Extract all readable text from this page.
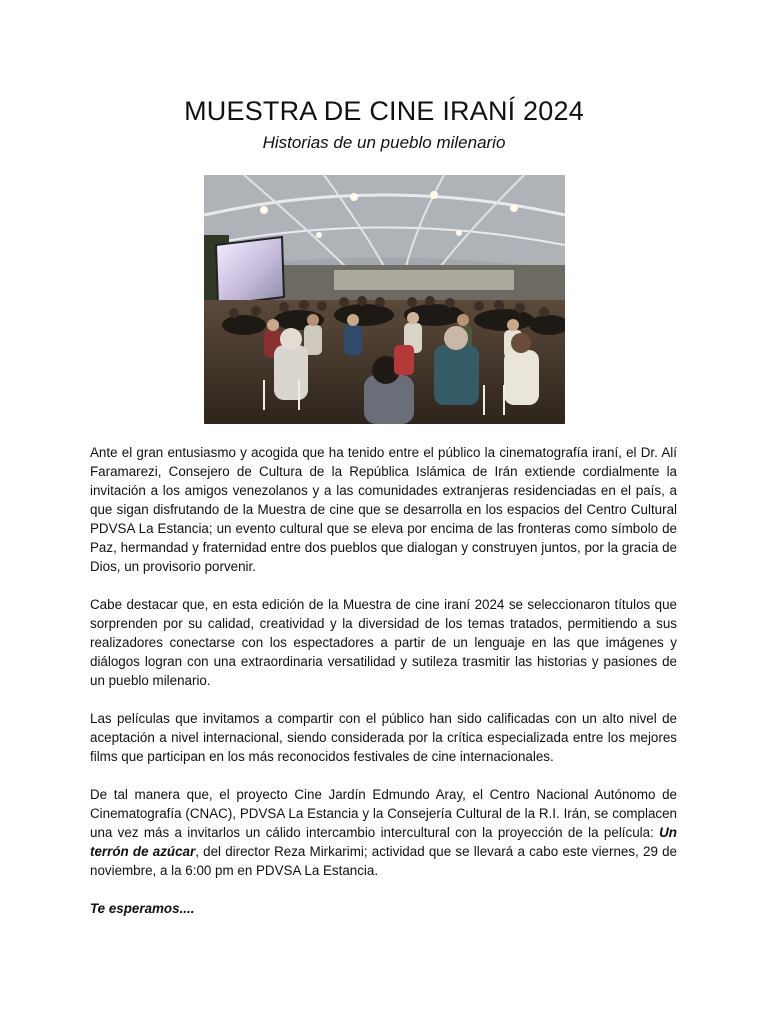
MUESTRA DE CINE IRANÍ 2024
Historias de un pueblo milenario

Ante el gran entusiasmo y acogida que ha tenido entre el público la cinematografía iraní, el Dr. Alí Faramarezi, Consejero de Cultura de la República Islámica de Irán extiende cordialmente la invitación a los amigos venezolanos y a las comunidades extranjeras residenciadas en el país, a que sigan disfrutando de la Muestra de cine que se desarrolla en los espacios del Centro Cultural PDVSA La Estancia; un evento cultural que se eleva por encima de las fronteras como símbolo de Paz, hermandad y fraternidad entre dos pueblos que dialogan y construyen juntos, por la gracia de Dios, un provisorio porvenir.

Cabe destacar que, en esta edición de la Muestra de cine iraní 2024 se seleccionaron títulos que sorprenden por su calidad, creatividad y la diversidad de los temas tratados, permitiendo a sus realizadores conectarse con los espectadores a partir de un lenguaje en las que imágenes y diálogos logran con una extraordinaria versatilidad y sutileza trasmitir las historias y pasiones de un pueblo milenario.

Las películas que invitamos a compartir con el público han sido calificadas con un alto nivel de aceptación a nivel internacional, siendo considerada por la crítica especializada entre los mejores films que participan en los más reconocidos festivales de cine internacionales.

De tal manera que, el proyecto Cine Jardín Edmundo Aray, el Centro Nacional Autónomo de Cinematografía (CNAC), PDVSA La Estancia y la Consejería Cultural de la R.I. Irán, se complacen una vez más a invitarlos un cálido intercambio intercultural con la proyección de la película: Un terrón de azúcar, del director Reza Mirkarimi; actividad que se llevará a cabo este viernes, 29 de noviembre, a la 6:00 pm en PDVSA La Estancia.

Te esperamos....
